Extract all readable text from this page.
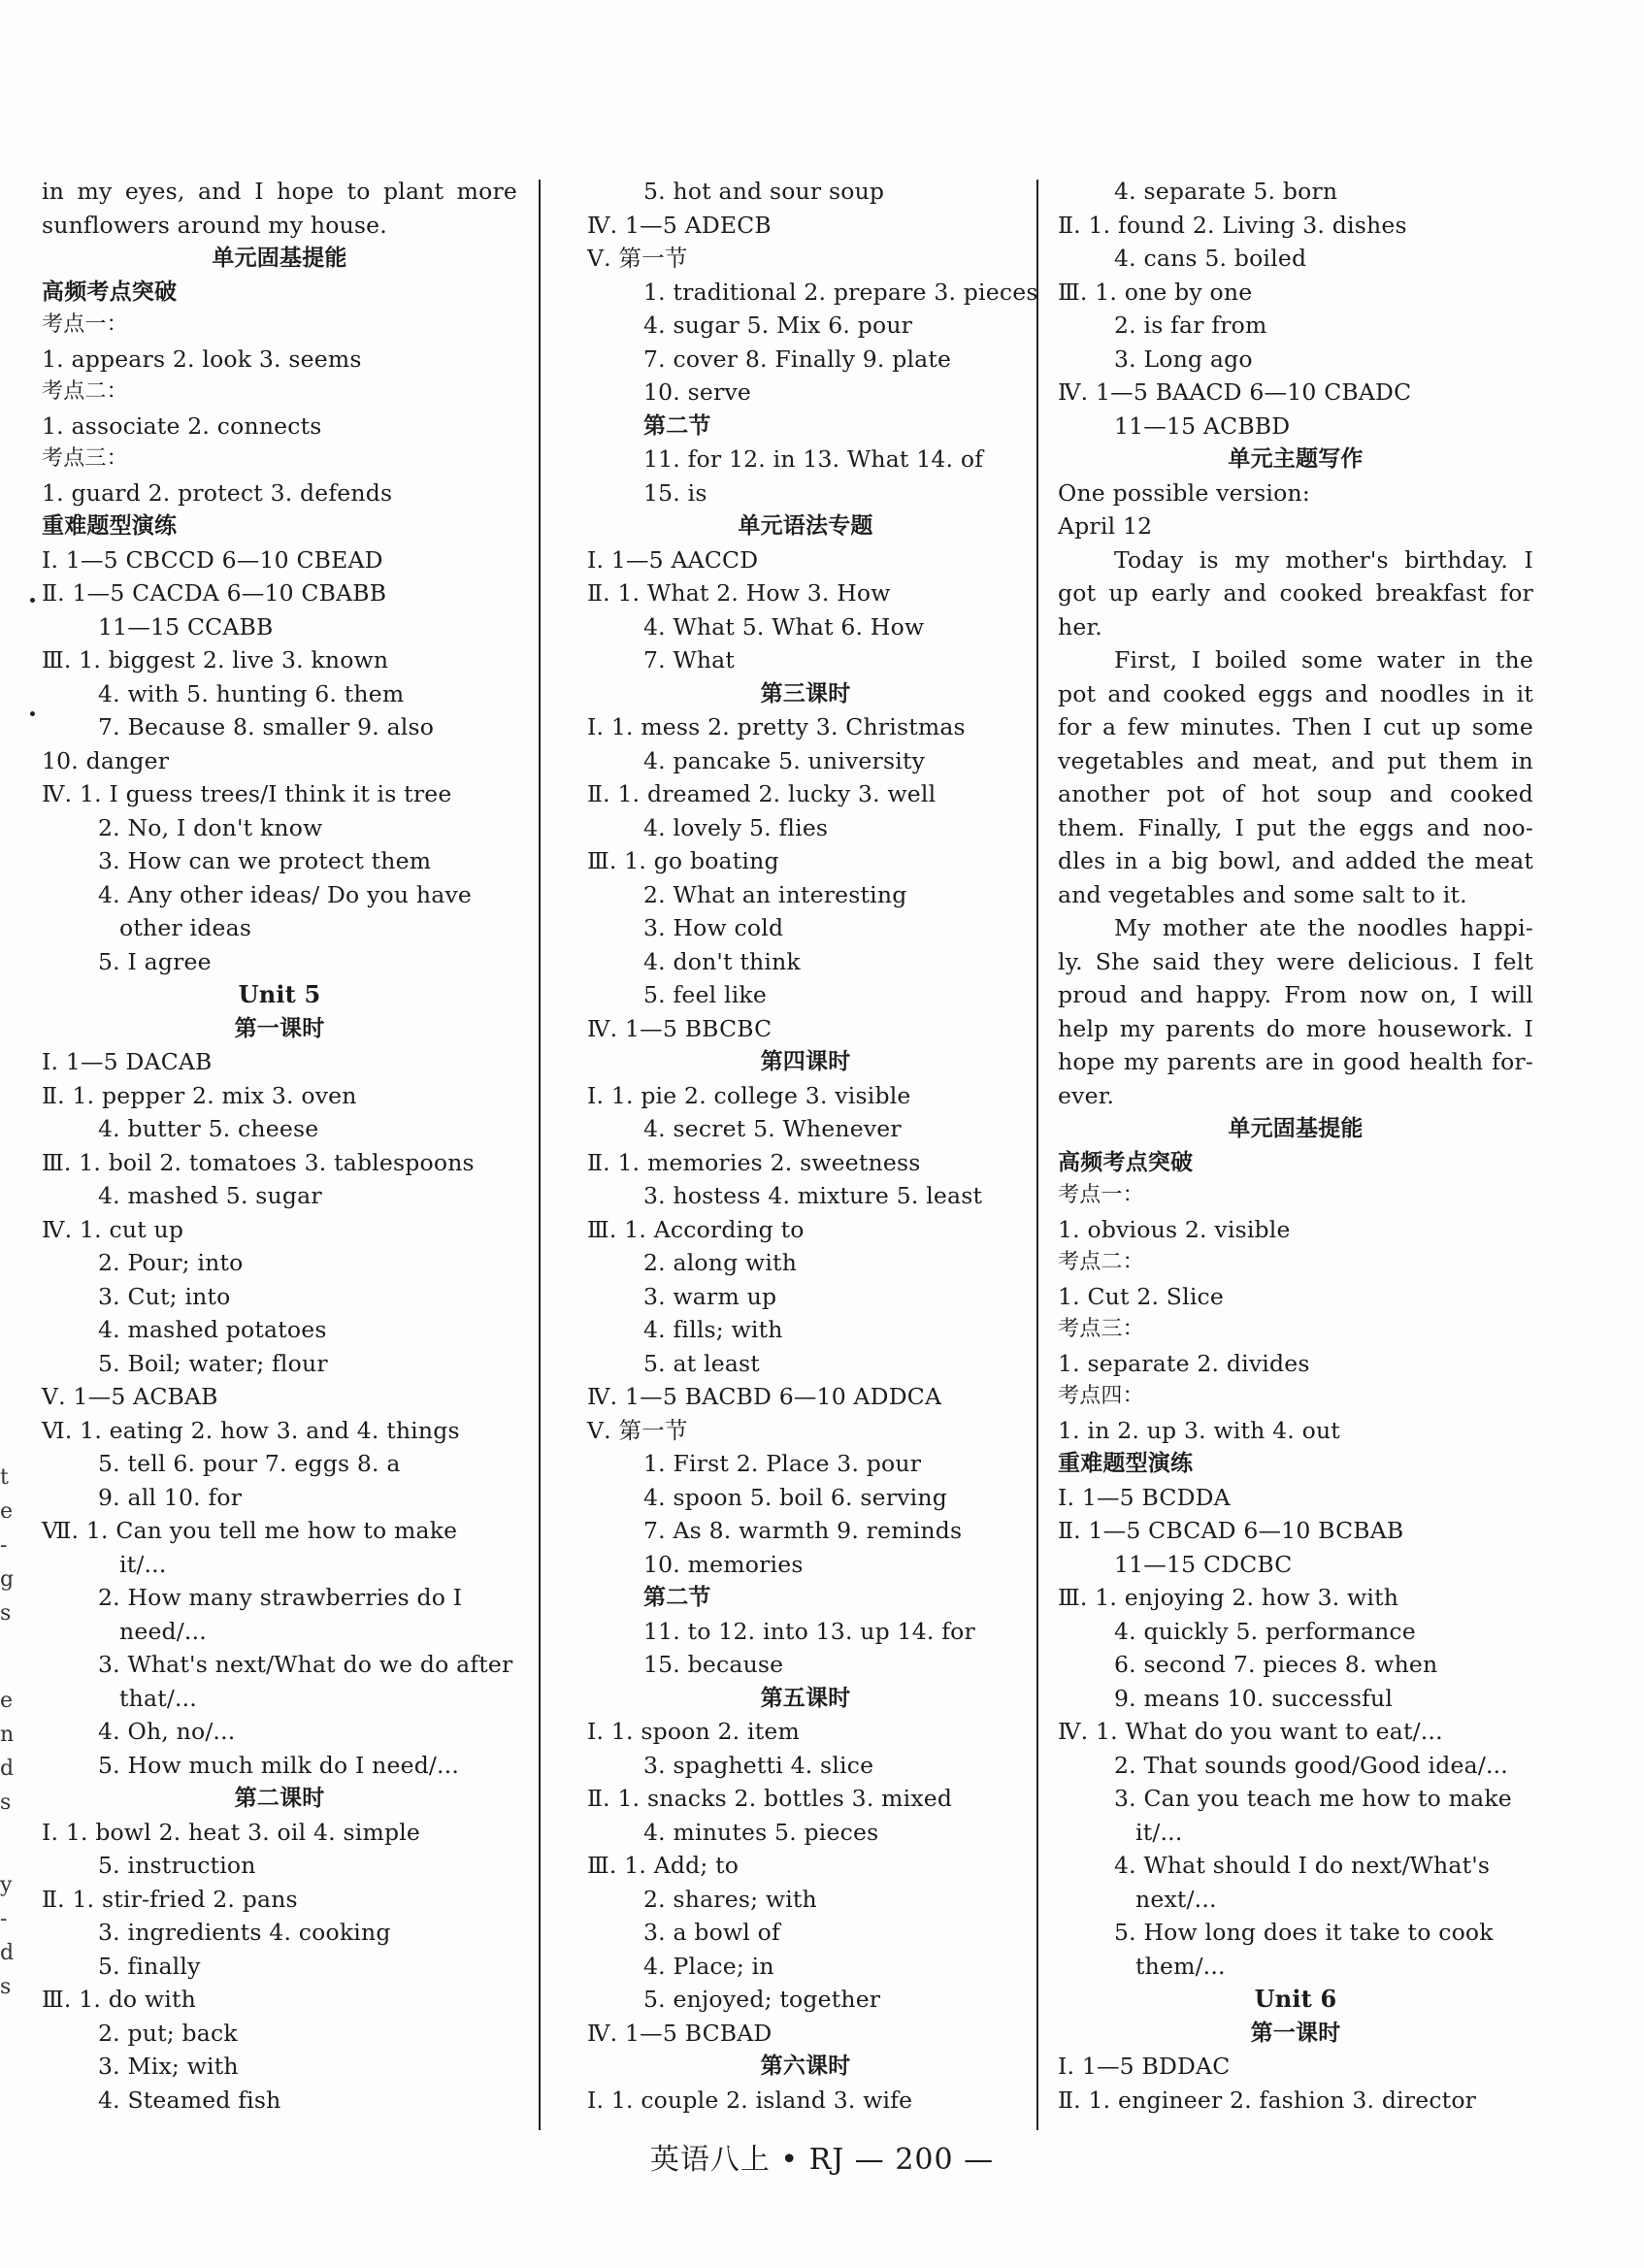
in my eyes, and I hope to plant more
sunflowers around my house.
单元固基提能
高频考点突破
考点一：
1. appears 2. look 3. seems
考点二：
1. associate 2. connects
考点三：
1. guard 2. protect 3. defends
重难题型演练
Ⅰ. 1—5 CBCCD 6—10 CBEAD
Ⅱ. 1—5 CACDA 6—10 CBABB
11—15 CCABB
Ⅲ. 1. biggest 2. live 3. known
4. with 5. hunting 6. them
7. Because 8. smaller 9. also
10. danger
Ⅳ. 1. I guess trees/I think it is tree
2. No, I don't know
3. How can we protect them
4. Any other ideas/ Do you have
other ideas
5. I agree
Unit 5
第一课时
Ⅰ. 1—5 DACAB
Ⅱ. 1. pepper 2. mix 3. oven
4. butter 5. cheese
Ⅲ. 1. boil 2. tomatoes 3. tablespoons
4. mashed 5. sugar
Ⅳ. 1. cut up
2. Pour; into
3. Cut; into
4. mashed potatoes
5. Boil; water; flour
Ⅴ. 1—5 ACBAB
Ⅵ. 1. eating 2. how 3. and 4. things
5. tell 6. pour 7. eggs 8. a
9. all 10. for
Ⅶ. 1. Can you tell me how to make
it/...
2. How many strawberries do I
need/...
3. What's next/What do we do after
that/...
4. Oh, no/...
5. How much milk do I need/...
第二课时
Ⅰ. 1. bowl 2. heat 3. oil 4. simple
5. instruction
Ⅱ. 1. stir-fried 2. pans
3. ingredients 4. cooking
5. finally
Ⅲ. 1. do with
2. put; back
3. Mix; with
4. Steamed fish
5. hot and sour soup
Ⅳ. 1—5 ADECB
Ⅴ. 第一节
1. traditional 2. prepare 3. pieces
4. sugar 5. Mix 6. pour
7. cover 8. Finally 9. plate
10. serve
第二节
11. for 12. in 13. What 14. of
15. is
单元语法专题
Ⅰ. 1—5 AACCD
Ⅱ. 1. What 2. How 3. How
4. What 5. What 6. How
7. What
第三课时
Ⅰ. 1. mess 2. pretty 3. Christmas
4. pancake 5. university
Ⅱ. 1. dreamed 2. lucky 3. well
4. lovely 5. flies
Ⅲ. 1. go boating
2. What an interesting
3. How cold
4. don't think
5. feel like
Ⅳ. 1—5 BBCBC
第四课时
Ⅰ. 1. pie 2. college 3. visible
4. secret 5. Whenever
Ⅱ. 1. memories 2. sweetness
3. hostess 4. mixture 5. least
Ⅲ. 1. According to
2. along with
3. warm up
4. fills; with
5. at least
Ⅳ. 1—5 BACBD 6—10 ADDCA
Ⅴ. 第一节
1. First 2. Place 3. pour
4. spoon 5. boil 6. serving
7. As 8. warmth 9. reminds
10. memories
第二节
11. to 12. into 13. up 14. for
15. because
第五课时
Ⅰ. 1. spoon 2. item
3. spaghetti 4. slice
Ⅱ. 1. snacks 2. bottles 3. mixed
4. minutes 5. pieces
Ⅲ. 1. Add; to
2. shares; with
3. a bowl of
4. Place; in
5. enjoyed; together
Ⅳ. 1—5 BCBAD
第六课时
Ⅰ. 1. couple 2. island 3. wife
4. separate 5. born
Ⅱ. 1. found 2. Living 3. dishes
4. cans 5. boiled
Ⅲ. 1. one by one
2. is far from
3. Long ago
Ⅳ. 1—5 BAACD 6—10 CBADC
11—15 ACBBD
单元主题写作
One possible version:
April 12
Today is my mother's birthday. I
got up early and cooked breakfast for
her.
First, I boiled some water in the
pot and cooked eggs and noodles in it
for a few minutes. Then I cut up some
vegetables and meat, and put them in
another pot of hot soup and cooked
them. Finally, I put the eggs and noo-
dles in a big bowl, and added the meat
and vegetables and some salt to it.
My mother ate the noodles happi-
ly. She said they were delicious. I felt
proud and happy. From now on, I will
help my parents do more housework. I
hope my parents are in good health for-
ever.
单元固基提能
高频考点突破
考点一：
1. obvious 2. visible
考点二：
1. Cut 2. Slice
考点三：
1. separate 2. divides
考点四：
1. in 2. up 3. with 4. out
重难题型演练
Ⅰ. 1—5 BCDDA
Ⅱ. 1—5 CBCAD 6—10 BCBAB
11—15 CDCBC
Ⅲ. 1. enjoying 2. how 3. with
4. quickly 5. performance
6. second 7. pieces 8. when
9. means 10. successful
Ⅳ. 1. What do you want to eat/...
2. That sounds good/Good idea/...
3. Can you teach me how to make
it/...
4. What should I do next/What's
next/...
5. How long does it take to cook
them/...
Unit 6
第一课时
Ⅰ. 1—5 BDDAC
Ⅱ. 1. engineer 2. fashion 3. director
t
e
-
g
s
e
n
d
s
y
-
d
s
英语八上 • RJ — 200 —
